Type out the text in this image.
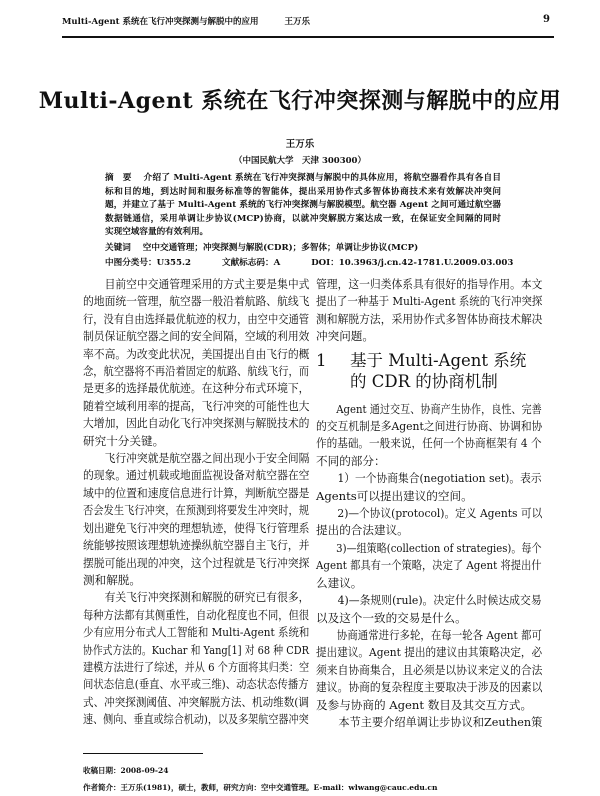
Multi-Agent 系统在飞行冲突探测与解脱中的应用	王万乐	9
Multi-Agent 系统在飞行冲突探测与解脱中的应用
王万乐
（中国民航大学　天津 300300）
摘　要 介绍了 Multi-Agent 系统在飞行冲突探测与解脱中的具体应用，将航空器看作具有各自目
标和目的地，到达时间和服务标准等的智能体，提出采用协作式多智体协商技术来有效解决冲突问
题，并建立了基于 Multi-Agent 系统的飞行冲突探测与解脱模型。航空器 Agent 之间可通过航空器
数据链通信，采用单调让步协议(MCP)协商，以就冲突解脱方案达成一致，在保证安全间隔的同时
实现空域容量的有效利用。
关键词 空中交通管理；冲突探测与解脱(CDR)；多智体；单调让步协议(MCP)
中图分类号：U355.2	文献标志码：A	DOI：10.3963/j.cn.42-1781.U.2009.03.003
目前空中交通管理采用的方式主要是集中式
的地面统一管理，航空器一般沿着航路、航线飞
行，没有自由选择最优航迹的权力，由空中交通管
制员保证航空器之间的安全间隔，空域的利用效
率不高。为改变此状况，美国提出自由飞行的概
念，航空器将不再沿着固定的航路、航线飞行，而
是更多的选择最优航迹。在这种分布式环境下，
随着空域利用率的提高，飞行冲突的可能性也大
大增加，因此自动化飞行冲突探测与解脱技术的
研究十分关键。
飞行冲突就是航空器之间出现小于安全间隔
的现象。通过机载或地面监视设备对航空器在空
域中的位置和速度信息进行计算，判断航空器是
否会发生飞行冲突，在预测到将要发生冲突时，规
划出避免飞行冲突的理想轨迹，使得飞行管理系
统能够按照该理想轨迹操纵航空器自主飞行，并
摆脱可能出现的冲突，这个过程就是飞行冲突探
测和解脱。
有关飞行冲突探测和解脱的研究已有很多，
每种方法都有其侧重性，自动化程度也不同，但很
少有应用分布式人工智能和 Multi-Agent 系统和
协作式方法的。Kuchar 和 Yang[1] 对 68 种 CDR
建模方法进行了综述，并从 6 个方面将其归类：空
间状态信息(垂直、水平或三维)、动态状态传播方
式、冲突探测阈值、冲突解脱方法、机动维数(调
速、侧向、垂直或综合机动)，以及多架航空器冲突
管理，这一归类体系具有很好的指导作用。本文
提出了一种基于 Multi-Agent 系统的飞行冲突探
测和解脱方法，采用协作式多智体协商技术解决
冲突问题。
1	基于 Multi-Agent 系统的 CDR 的协商机制
Agent 通过交互、协商产生协作，良性、完善
的交互机制是多Agent之间进行协商、协调和协
作的基础。一般来说，任何一个协商框架有 4 个
不同的部分：
1）一个协商集合(negotiation set)。表示
Agents可以提出建议的空间。
2)—个协议(protocol)。定义 Agents 可以
提出的合法建议。
3)—组策略(collection of strategies)。每个
Agent 都具有一个策略，决定了 Agent 将提出什
么建议。
4)—条规则(rule)。决定什么时候达成交易
以及这个一致的交易是什么。
协商通常进行多轮，在每一轮各 Agent 都可
提出建议。Agent 提出的建议由其策略决定，必
须来自协商集合，且必须是以协议来定义的合法
建议。协商的复杂程度主要取决于涉及的因素以
及参与协商的 Agent 数目及其交互方式。
本节主要介绍单调让步协议和Zeuthen策
收稿日期：2008-09-24
作者简介：王万乐(1981)，硕士，教师，研究方向：空中交通管理。E-mail：wlwang@cauc.edu.cn
